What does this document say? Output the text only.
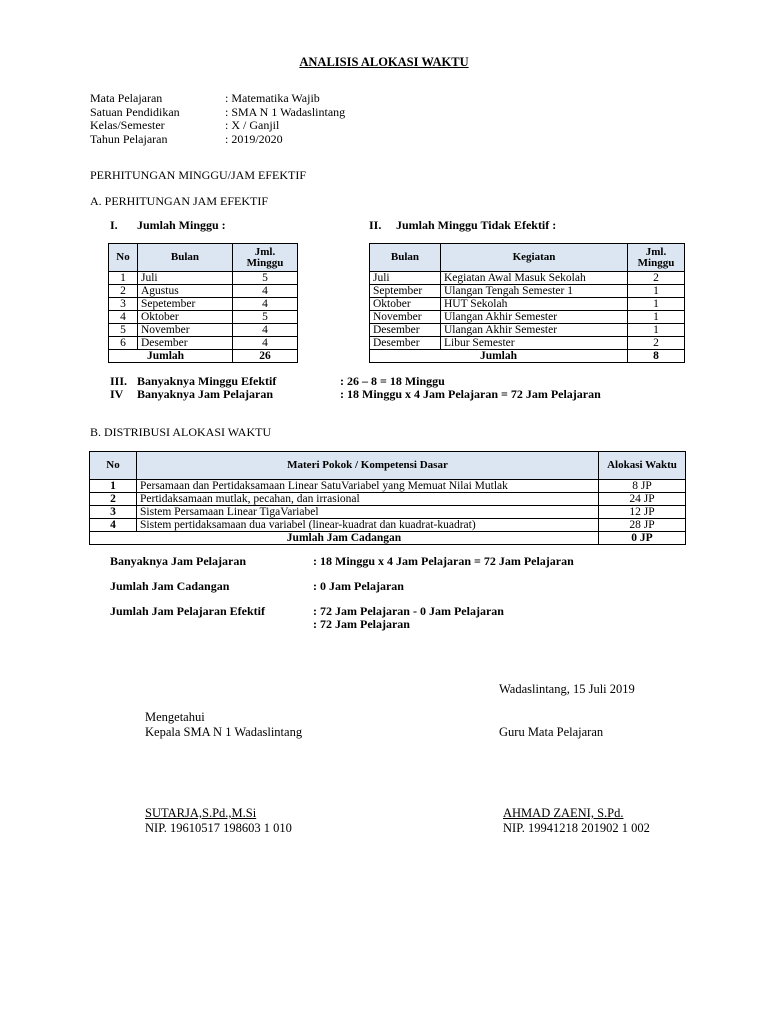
ANALISIS ALOKASI WAKTU
Mata Pelajaran	: Matematika Wajib
Satuan Pendidikan	: SMA N 1 Wadaslintang
Kelas/Semester	: X / Ganjil
Tahun Pelajaran	: 2019/2020
PERHITUNGAN MINGGU/JAM EFEKTIF
A. PERHITUNGAN JAM EFEKTIF
I. Jumlah Minggu :	II. Jumlah Minggu Tidak Efektif :
No	Bulan	Jml. Minggu
1	Juli	5
2	Agustus	4
3	Sepetember	4
4	Oktober	5
5	November	4
6	Desember	4
Jumlah		26
Bulan	Kegiatan	Jml. Minggu
Juli	Kegiatan Awal Masuk Sekolah	2
September	Ulangan Tengah Semester 1	1
Oktober	HUT Sekolah	1
November	Ulangan Akhir Semester	1
Desember	Ulangan Akhir Semester	1
Desember	Libur Semester	2
Jumlah		8
III. Banyaknya Minggu Efektif	: 26 – 8 = 18 Minggu
IV Banyaknya Jam Pelajaran	: 18 Minggu x 4 Jam Pelajaran = 72 Jam Pelajaran
B. DISTRIBUSI ALOKASI WAKTU
No	Materi Pokok / Kompetensi Dasar	Alokasi Waktu
1	Persamaan dan Pertidaksamaan Linear SatuVariabel yang Memuat Nilai Mutlak	8 JP
2	Pertidaksamaan mutlak, pecahan, dan irrasional	24 JP
3	Sistem Persamaan Linear TigaVariabel	12 JP
4	Sistem pertidaksamaan dua variabel (linear-kuadrat dan kuadrat-kuadrat)	28 JP
Jumlah Jam Cadangan		0 JP
Banyaknya Jam Pelajaran	: 18 Minggu x 4 Jam Pelajaran = 72 Jam Pelajaran
Jumlah Jam Cadangan	: 0 Jam Pelajaran
Jumlah Jam Pelajaran Efektif	: 72 Jam Pelajaran - 0 Jam Pelajaran
: 72 Jam Pelajaran
Wadaslintang, 15 Juli 2019
Mengetahui
Kepala SMA N 1 Wadaslintang	Guru Mata Pelajaran
SUTARJA,S.Pd.,M.Si
NIP. 19610517 198603 1 010
AHMAD ZAENI, S.Pd.
NIP. 19941218 201902 1 002
